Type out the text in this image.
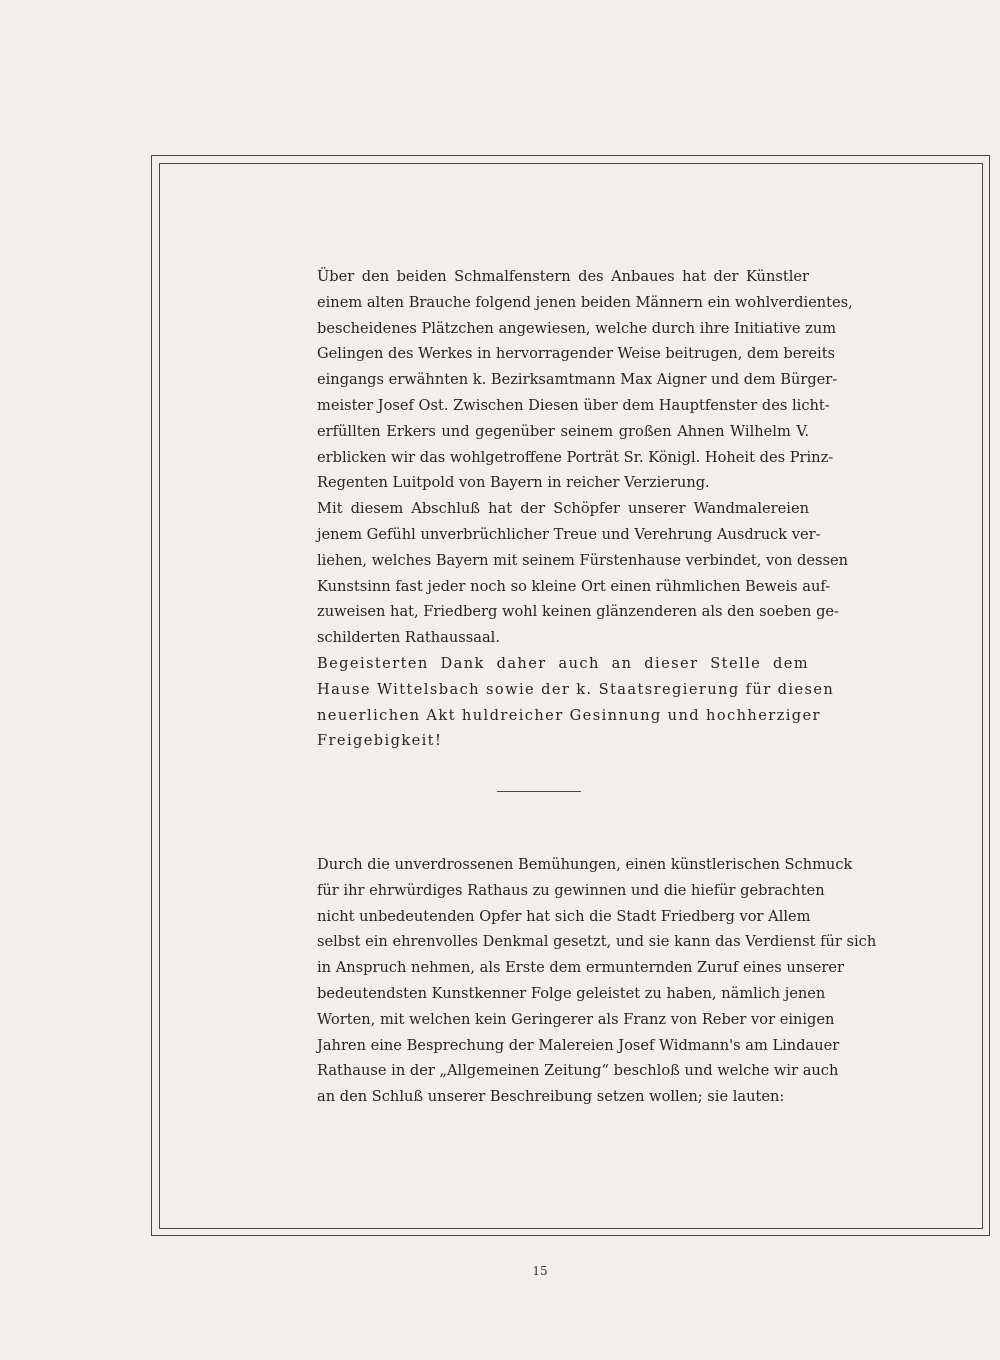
Über den beiden Schmalfenstern des Anbaues hat der Künstler
einem alten Brauche folgend jenen beiden Männern ein wohlverdientes,
bescheidenes Plätzchen angewiesen, welche durch ihre Initiative zum
Gelingen des Werkes in hervorragender Weise beitrugen, dem bereits
eingangs erwähnten k. Bezirksamtmann Max Aigner und dem Bürger-
meister Josef Ost. Zwischen Diesen über dem Hauptfenster des licht-
erfüllten Erkers und gegenüber seinem großen Ahnen Wilhelm V.
erblicken wir das wohlgetroffene Porträt Sr. Königl. Hoheit des Prinz-
Regenten Luitpold von Bayern in reicher Verzierung.

Mit diesem Abschluß hat der Schöpfer unserer Wandmalereien
jenem Gefühl unverbrüchlicher Treue und Verehrung Ausdruck ver-
liehen, welches Bayern mit seinem Fürstenhause verbindet, von dessen
Kunstsinn fast jeder noch so kleine Ort einen rühmlichen Beweis auf-
zuweisen hat, Friedberg wohl keinen glänzenderen als den soeben ge-
schilderten Rathaussaal.

Begeisterten Dank daher auch an dieser Stelle dem
Hause Wittelsbach sowie der k. Staatsregierung für diesen
neuerlichen Akt huldreicher Gesinnung und hochherziger
Freigebigkeit!

Durch die unverdrossenen Bemühungen, einen künstlerischen Schmuck
für ihr ehrwürdiges Rathaus zu gewinnen und die hiefür gebrachten
nicht unbedeutenden Opfer hat sich die Stadt Friedberg vor Allem
selbst ein ehrenvolles Denkmal gesetzt, und sie kann das Verdienst für sich
in Anspruch nehmen, als Erste dem ermunternden Zuruf eines unserer
bedeutendsten Kunstkenner Folge geleistet zu haben, nämlich jenen
Worten, mit welchen kein Geringerer als Franz von Reber vor einigen
Jahren eine Besprechung der Malereien Josef Widmann's am Lindauer
Rathause in der „Allgemeinen Zeitung“ beschloß und welche wir auch
an den Schluß unserer Beschreibung setzen wollen; sie lauten:

15
